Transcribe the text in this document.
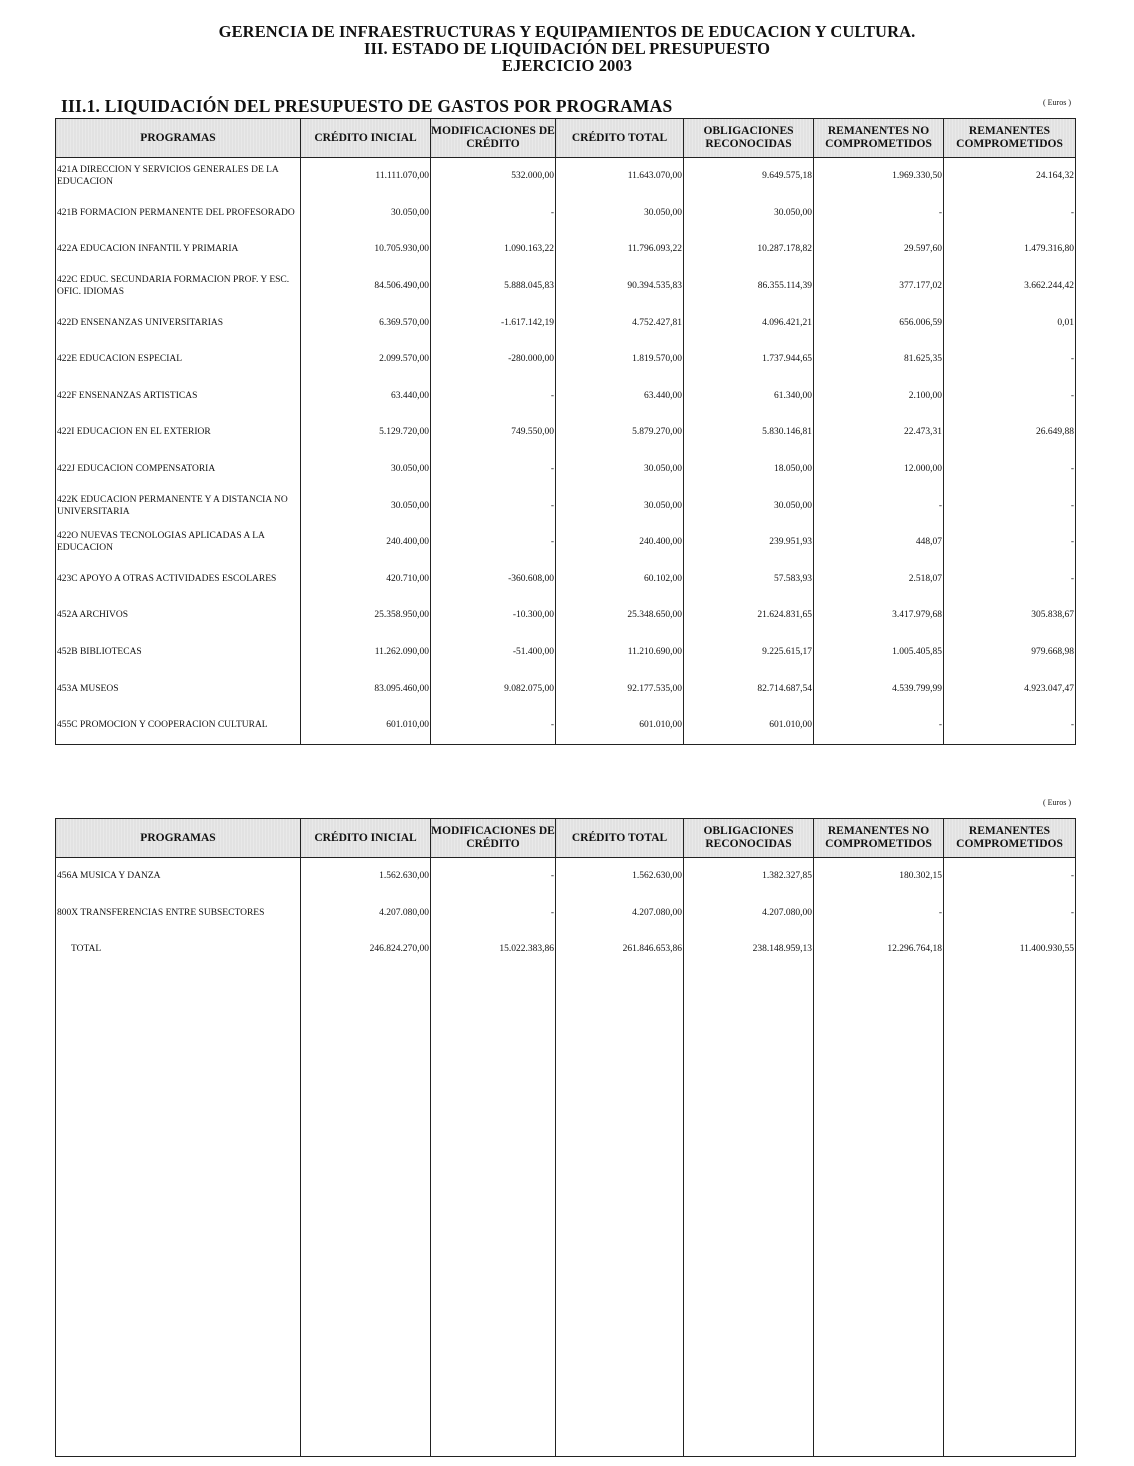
GERENCIA DE INFRAESTRUCTURAS Y EQUIPAMIENTOS DE EDUCACION Y CULTURA.
III. ESTADO DE LIQUIDACIÓN DEL PRESUPUESTO
EJERCICIO 2003
III.1. LIQUIDACIÓN DEL PRESUPUESTO DE GASTOS POR PROGRAMAS	( Euros )
PROGRAMAS	CRÉDITO INICIAL	MODIFICACIONES DE CRÉDITO	CRÉDITO TOTAL	OBLIGACIONES RECONOCIDAS	REMANENTES NO COMPROMETIDOS	REMANENTES COMPROMETIDOS
421A DIRECCION Y SERVICIOS GENERALES DE LA EDUCACION	11.111.070,00	532.000,00	11.643.070,00	9.649.575,18	1.969.330,50	24.164,32
421B FORMACION PERMANENTE DEL PROFESORADO	30.050,00	-	30.050,00	30.050,00	-	-
422A EDUCACION INFANTIL Y PRIMARIA	10.705.930,00	1.090.163,22	11.796.093,22	10.287.178,82	29.597,60	1.479.316,80
422C EDUC. SECUNDARIA FORMACION PROF. Y ESC. OFIC. IDIOMAS	84.506.490,00	5.888.045,83	90.394.535,83	86.355.114,39	377.177,02	3.662.244,42
422D ENSENANZAS UNIVERSITARIAS	6.369.570,00	-1.617.142,19	4.752.427,81	4.096.421,21	656.006,59	0,01
422E EDUCACION ESPECIAL	2.099.570,00	-280.000,00	1.819.570,00	1.737.944,65	81.625,35	-
422F ENSENANZAS ARTISTICAS	63.440,00	-	63.440,00	61.340,00	2.100,00	-
422I EDUCACION EN EL EXTERIOR	5.129.720,00	749.550,00	5.879.270,00	5.830.146,81	22.473,31	26.649,88
422J EDUCACION COMPENSATORIA	30.050,00	-	30.050,00	18.050,00	12.000,00	-
422K EDUCACION PERMANENTE Y A DISTANCIA NO UNIVERSITARIA	30.050,00	-	30.050,00	30.050,00	-	-
422O NUEVAS TECNOLOGIAS APLICADAS A LA EDUCACION	240.400,00	-	240.400,00	239.951,93	448,07	-
423C APOYO A OTRAS ACTIVIDADES ESCOLARES	420.710,00	-360.608,00	60.102,00	57.583,93	2.518,07	-
452A ARCHIVOS	25.358.950,00	-10.300,00	25.348.650,00	21.624.831,65	3.417.979,68	305.838,67
452B BIBLIOTECAS	11.262.090,00	-51.400,00	11.210.690,00	9.225.615,17	1.005.405,85	979.668,98
453A MUSEOS	83.095.460,00	9.082.075,00	92.177.535,00	82.714.687,54	4.539.799,99	4.923.047,47
455C PROMOCION Y COOPERACION CULTURAL	601.010,00	-	601.010,00	601.010,00	-	-
( Euros )
PROGRAMAS	CRÉDITO INICIAL	MODIFICACIONES DE CRÉDITO	CRÉDITO TOTAL	OBLIGACIONES RECONOCIDAS	REMANENTES NO COMPROMETIDOS	REMANENTES COMPROMETIDOS
456A MUSICA Y DANZA	1.562.630,00	-	1.562.630,00	1.382.327,85	180.302,15	-
800X TRANSFERENCIAS ENTRE SUBSECTORES	4.207.080,00	-	4.207.080,00	4.207.080,00	-	-
TOTAL	246.824.270,00	15.022.383,86	261.846.653,86	238.148.959,13	12.296.764,18	11.400.930,55
